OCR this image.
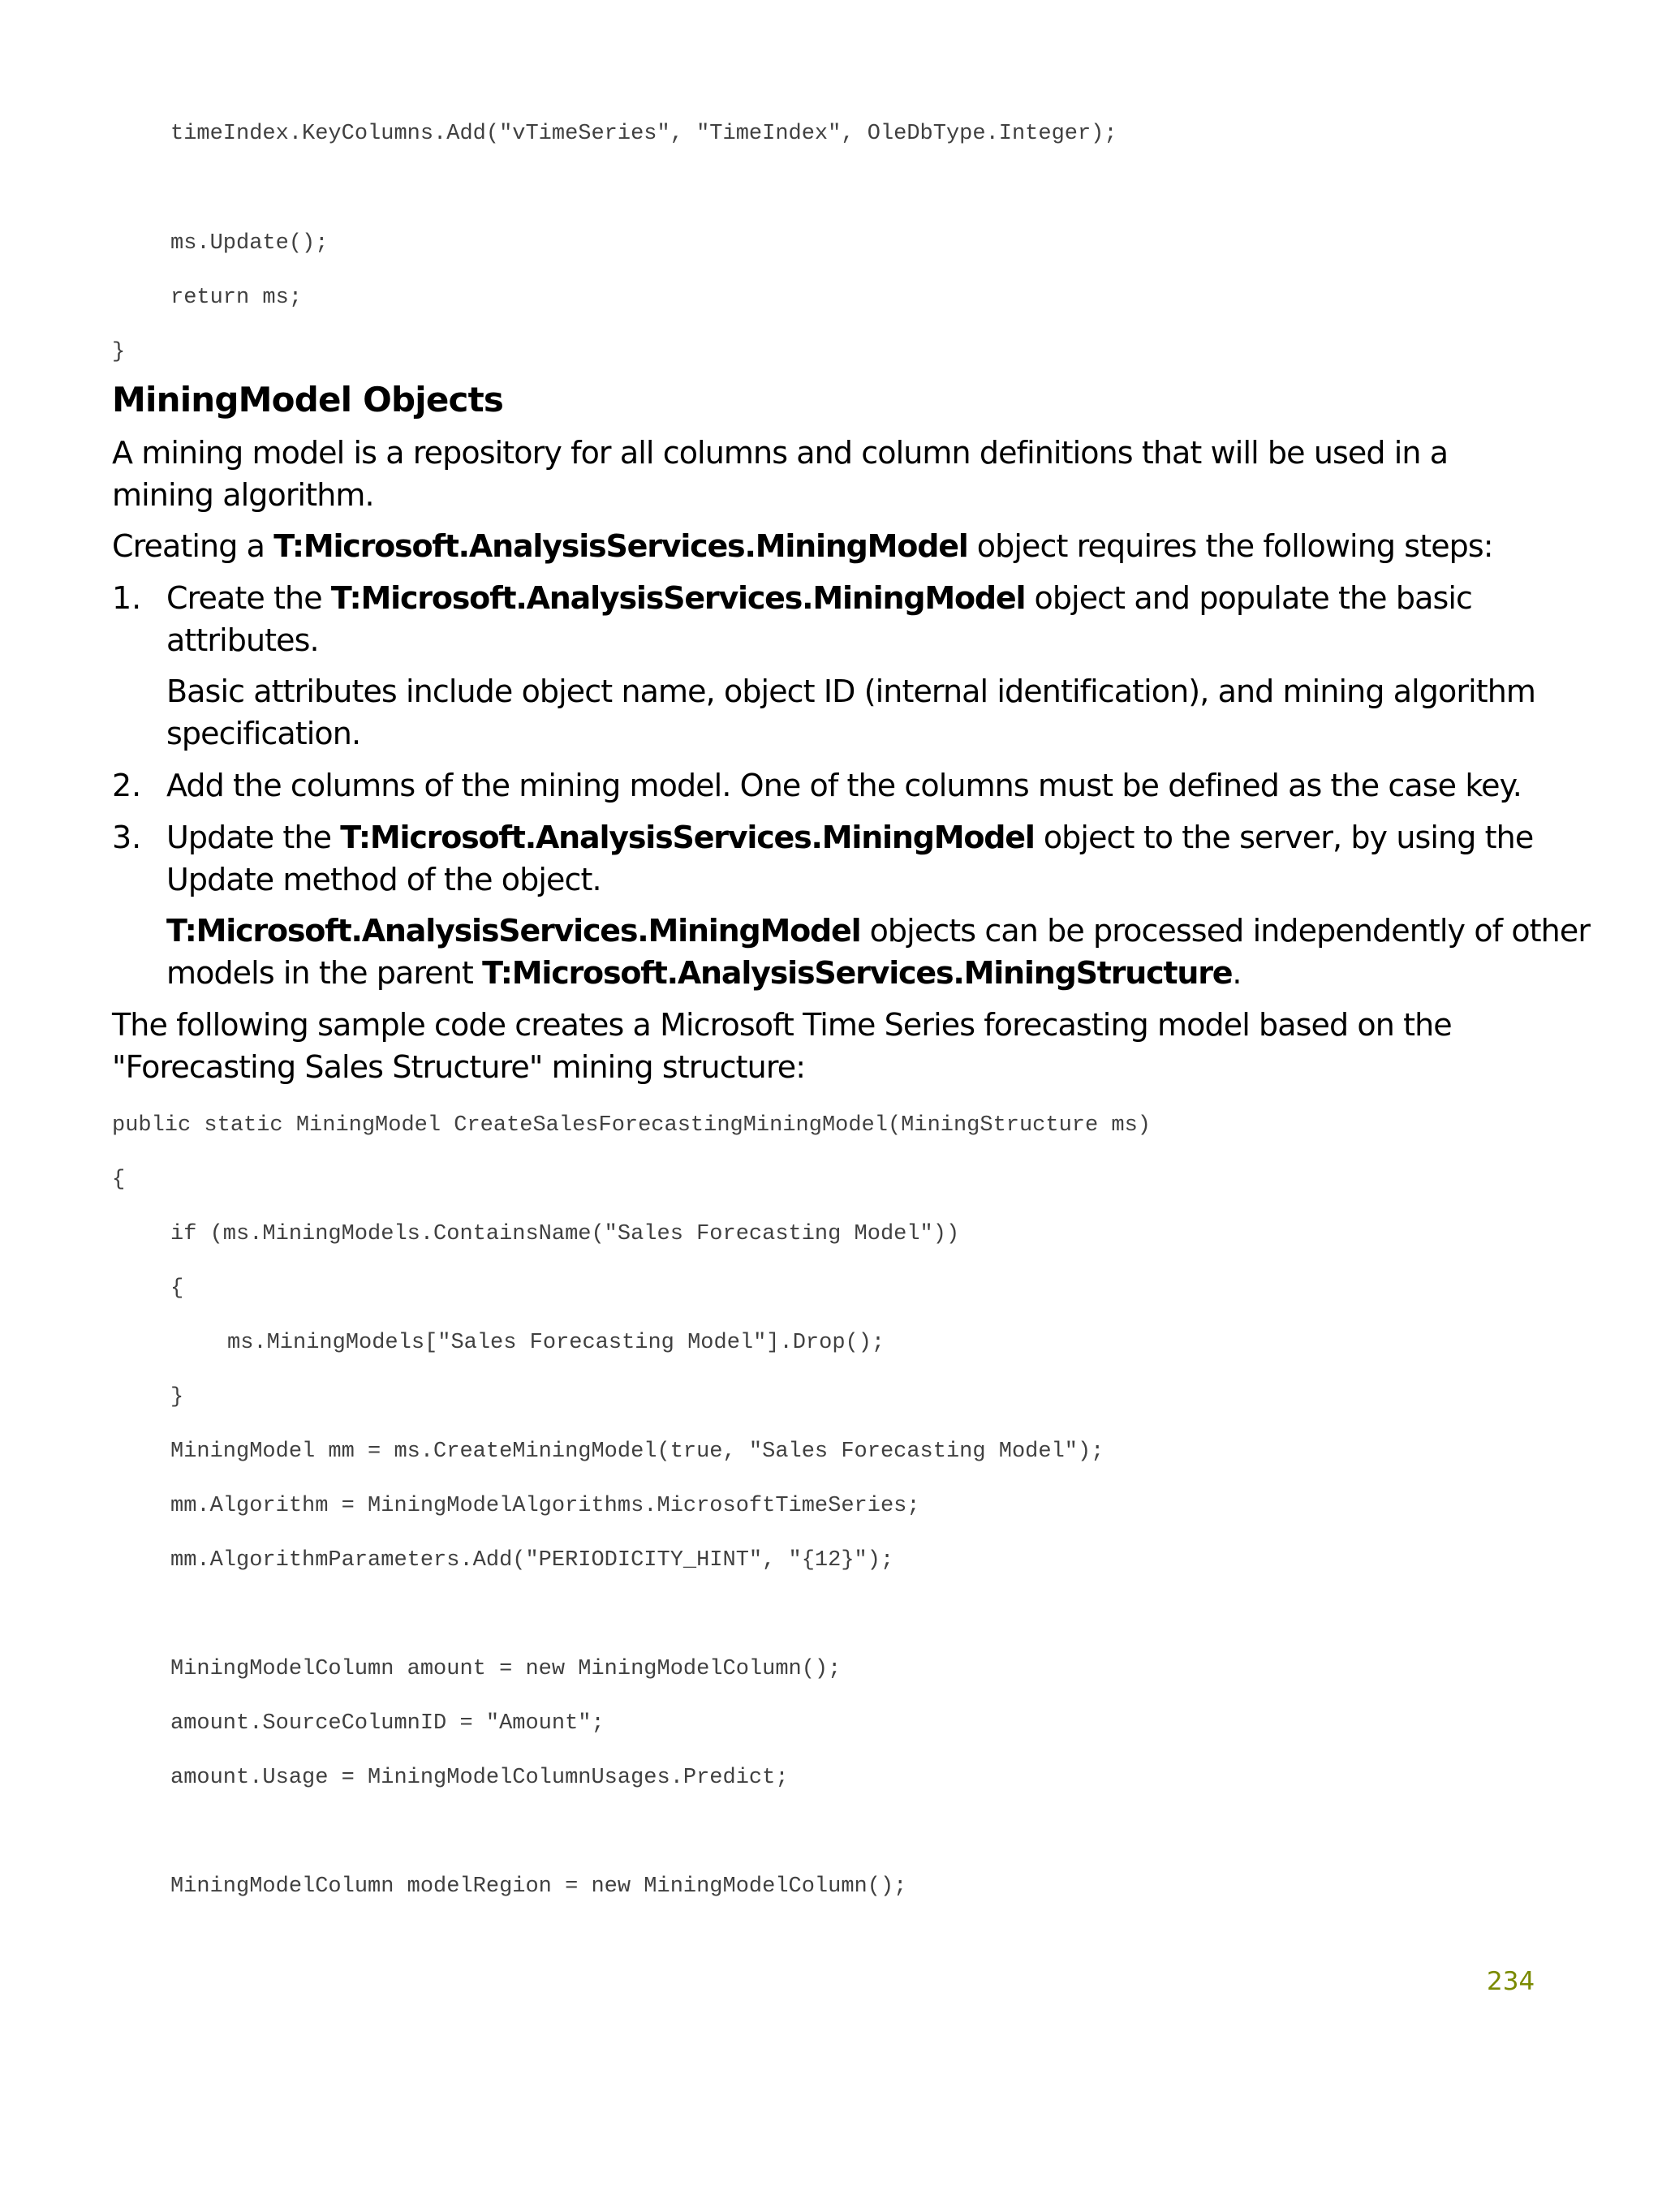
timeIndex.KeyColumns.Add("vTimeSeries", "TimeIndex", OleDbType.Integer);
ms.Update();
return ms;
}
MiningModel Objects
A mining model is a repository for all columns and column definitions that will be used in a
mining algorithm.
Creating a T:Microsoft.AnalysisServices.MiningModel object requires the following steps:
1. Create the T:Microsoft.AnalysisServices.MiningModel object and populate the basic
attributes.
Basic attributes include object name, object ID (internal identification), and mining algorithm
specification.
2. Add the columns of the mining model. One of the columns must be defined as the case key.
3. Update the T:Microsoft.AnalysisServices.MiningModel object to the server, by using the
Update method of the object.
T:Microsoft.AnalysisServices.MiningModel objects can be processed independently of other
models in the parent T:Microsoft.AnalysisServices.MiningStructure.
The following sample code creates a Microsoft Time Series forecasting model based on the
"Forecasting Sales Structure" mining structure:
public static MiningModel CreateSalesForecastingMiningModel(MiningStructure ms)
{
if (ms.MiningModels.ContainsName("Sales Forecasting Model"))
{
ms.MiningModels["Sales Forecasting Model"].Drop();
}
MiningModel mm = ms.CreateMiningModel(true, "Sales Forecasting Model");
mm.Algorithm = MiningModelAlgorithms.MicrosoftTimeSeries;
mm.AlgorithmParameters.Add("PERIODICITY_HINT", "{12}");
MiningModelColumn amount = new MiningModelColumn();
amount.SourceColumnID = "Amount";
amount.Usage = MiningModelColumnUsages.Predict;
MiningModelColumn modelRegion = new MiningModelColumn();
234
